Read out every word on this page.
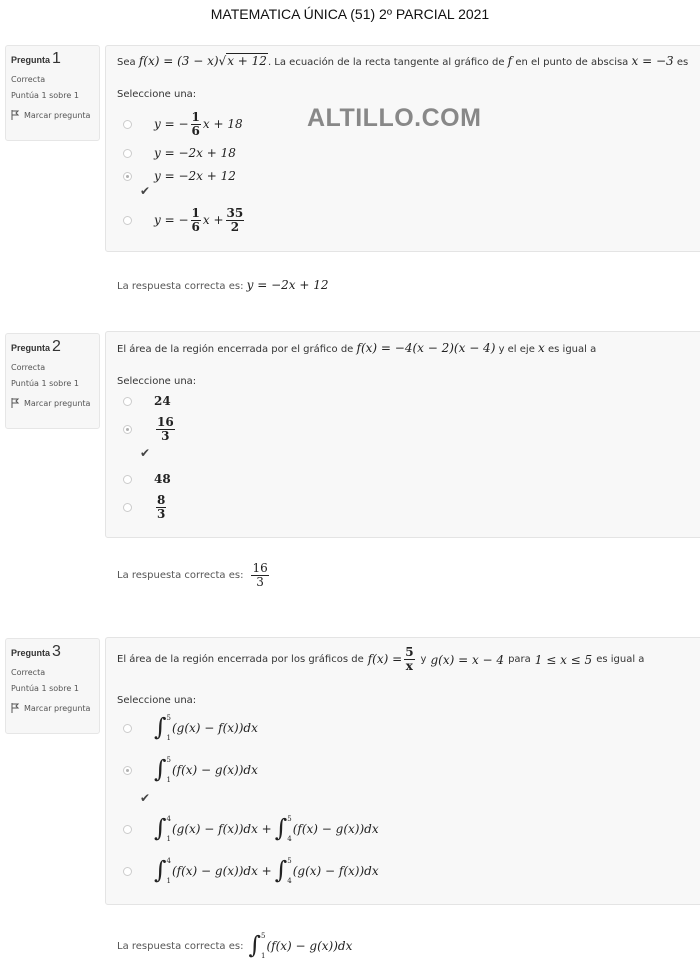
MATEMATICA ÚNICA (51) 2º PARCIAL 2021
Pregunta 1
Correcta
Puntúa 1 sobre 1
Marcar pregunta
Sea f(x) = (3 − x)√x + 12. La ecuación de la recta tangente al gráfico de f en el punto de abscisa x = −3 es
Seleccione una:
y = − $\frac{1}{6}$ x + 18
y = −2x + 18
y = −2x + 12
✔
y = − $\frac{1}{6}$ $x + \frac{35}{2}$
ALTILLO.COM
La respuesta correcta es: y = −2x + 12
Pregunta 2
Correcta
Puntúa 1 sobre 1
Marcar pregunta
El área de la región encerrada por el gráfico de f(x) = −4(x − 2)(x − 4) y el eje x es igual a
Seleccione una:
24
$\frac{16}{3}$
✔
48
$\frac{8}{3}$
La respuesta correcta es: $\frac{16}{3}$
Pregunta 3
Correcta
Puntúa 1 sobre 1
Marcar pregunta
El área de la región encerrada por los gráficos de $f(x) = \frac{5}{x}$ y g(x) = x − 4 para 1 ≤ x ≤ 5 es igual a
Seleccione una:
∫ 5
1
(g(x) − f(x))dx
∫ 5
1
(f(x) − g(x))dx
✔
∫ 4
1
(g(x) − f(x))dx + ∫ 5
4
(f(x) − g(x))dx
∫ 4
1
(f(x) − g(x))dx + ∫ 5
4
(g(x) − f(x))dx
La respuesta correcta es: ∫ 5
1
(f(x) − g(x))dx
